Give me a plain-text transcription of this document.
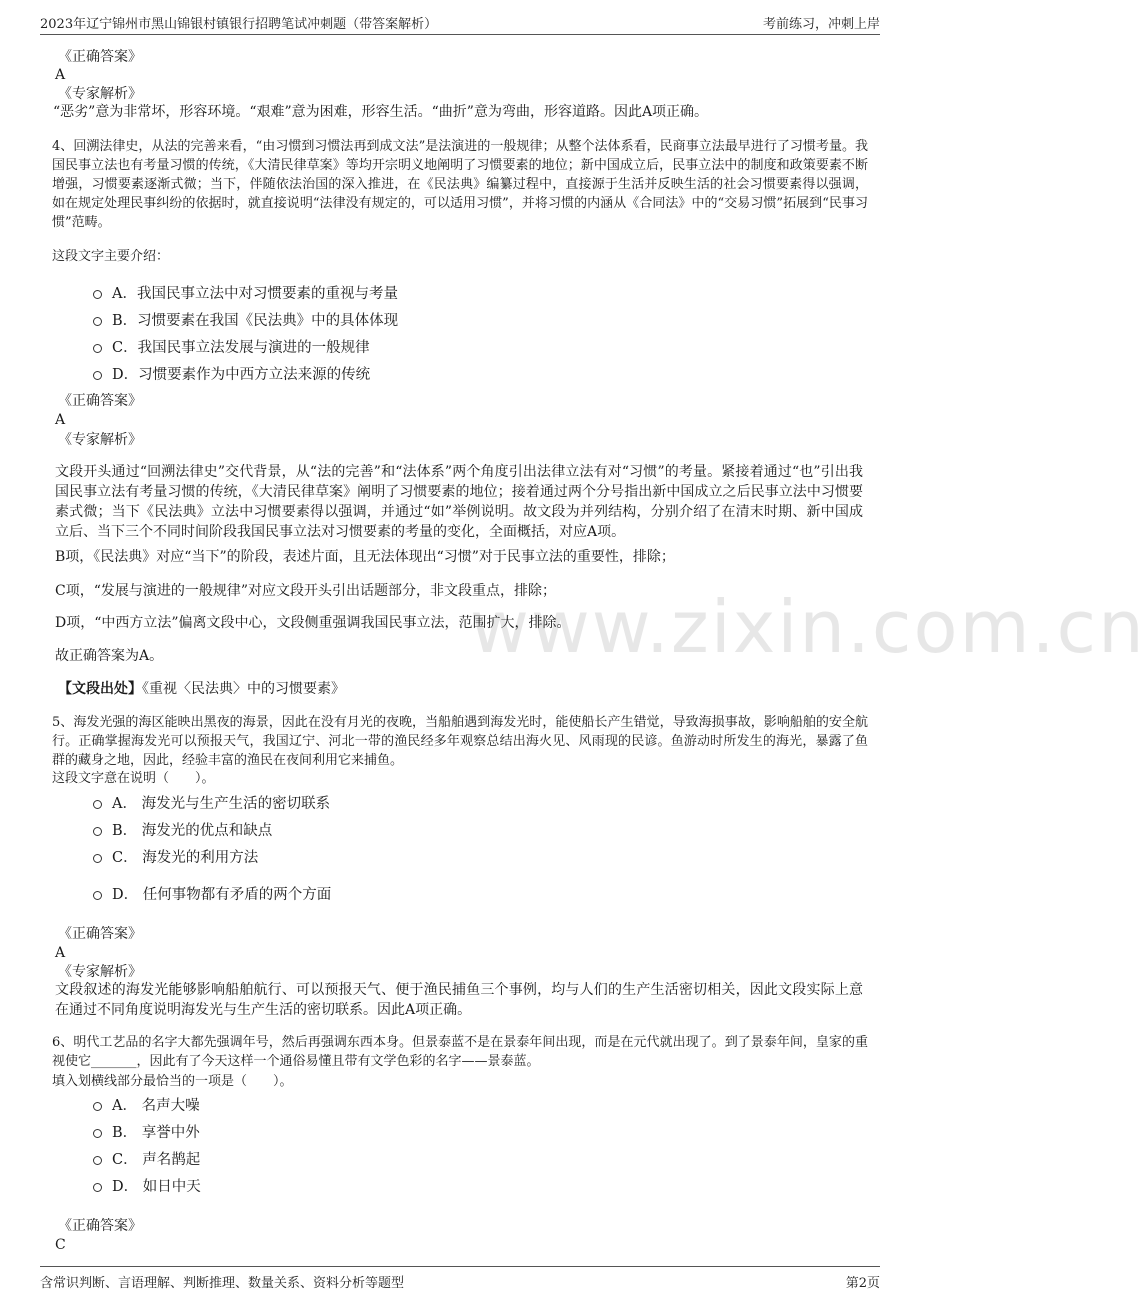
2023年辽宁锦州市黑山锦银村镇银行招聘笔试冲刺题（带答案解析）	考前练习，冲刺上岸
www.zixin.com.cn
《正确答案》
A
《专家解析》
“恶劣”意为非常坏，形容环境。“艰难”意为困难，形容生活。“曲折”意为弯曲，形容道路。因此A项正确。
4、回溯法律史，从法的完善来看，“由习惯到习惯法再到成文法”是法演进的一般规律；从整个法体系看，民商事立法最早进行了习惯考量。我国民事立法也有考量习惯的传统，《大清民律草案》等均开宗明义地阐明了习惯要素的地位；新中国成立后，民事立法中的制度和政策要素不断增强，习惯要素逐渐式微；当下，伴随依法治国的深入推进，在《民法典》编纂过程中，直接源于生活并反映生活的社会习惯要素得以强调，如在规定处理民事纠纷的依据时，就直接说明“法律没有规定的，可以适用习惯”，并将习惯的内涵从《合同法》中的“交易习惯”拓展到“民事习惯”范畴。
这段文字主要介绍：
A．我国民事立法中对习惯要素的重视与考量
B．习惯要素在我国《民法典》中的具体体现
C．我国民事立法发展与演进的一般规律
D．习惯要素作为中西方立法来源的传统
《正确答案》
A
《专家解析》
文段开头通过“回溯法律史”交代背景，从“法的完善”和“法体系”两个角度引出法律立法有对“习惯”的考量。紧接着通过“也”引出我国民事立法有考量习惯的传统，《大清民律草案》阐明了习惯要素的地位；接着通过两个分号指出新中国成立之后民事立法中习惯要素式微；当下《民法典》立法中习惯要素得以强调，并通过“如”举例说明。故文段为并列结构，分别介绍了在清末时期、新中国成立后、当下三个不同时间阶段我国民事立法对习惯要素的考量的变化，全面概括，对应A项。
B项，《民法典》对应“当下”的阶段，表述片面，且无法体现出“习惯”对于民事立法的重要性，排除；
C项，“发展与演进的一般规律”对应文段开头引出话题部分，非文段重点，排除；
D项，“中西方立法”偏离文段中心，文段侧重强调我国民事立法，范围扩大，排除。
故正确答案为A。
【文段出处】《重视〈民法典〉中的习惯要素》
5、海发光强的海区能映出黑夜的海景，因此在没有月光的夜晚，当船舶遇到海发光时，能使船长产生错觉，导致海损事故，影响船舶的安全航行。正确掌握海发光可以预报天气，我国辽宁、河北一带的渔民经多年观察总结出海火见、风雨现的民谚。鱼游动时所发生的海光，暴露了鱼群的藏身之地，因此，经验丰富的渔民在夜间利用它来捕鱼。
这段文字意在说明（　　）。
A． 海发光与生产生活的密切联系
B． 海发光的优点和缺点
C． 海发光的利用方法
D． 任何事物都有矛盾的两个方面
《正确答案》
A
《专家解析》
文段叙述的海发光能够影响船舶航行、可以预报天气、便于渔民捕鱼三个事例，均与人们的生产生活密切相关，因此文段实际上意在通过不同角度说明海发光与生产生活的密切联系。因此A项正确。
6、明代工艺品的名字大都先强调年号，然后再强调东西本身。但景泰蓝不是在景泰年间出现，而是在元代就出现了。到了景泰年间，皇家的重视使它_______，因此有了今天这样一个通俗易懂且带有文学色彩的名字——景泰蓝。
填入划横线部分最恰当的一项是（　　）。
A． 名声大噪
B． 享誉中外
C． 声名鹊起
D． 如日中天
《正确答案》
C
含常识判断、言语理解、判断推理、数量关系、资料分析等题型	第2页
